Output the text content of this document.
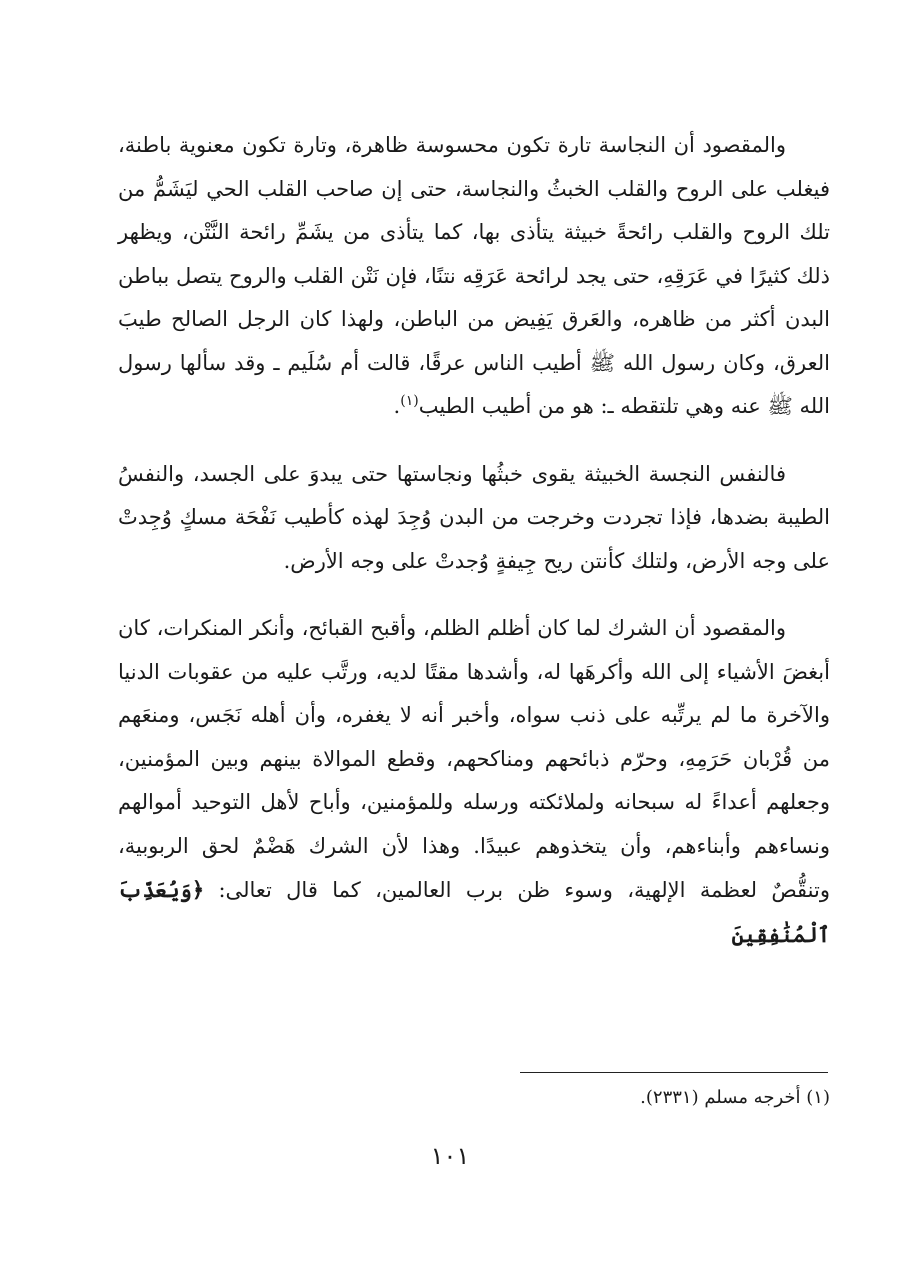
والمقصود أن النجاسة تارة تكون محسوسة ظاهرة، وتارة تكون معنوية باطنة، فيغلب على الروح والقلب الخبثُ والنجاسة، حتى إن صاحب القلب الحي ليَشَمُّ من تلك الروح والقلب رائحةً خبيثة يتأذى بها، كما يتأذى من يشَمِّ رائحة النَّتْن، ويظهر ذلك كثيرًا في عَرَقِهِ، حتى يجد لرائحة عَرَقِه نتنًا، فإن نَتْن القلب والروح يتصل بباطن البدن أكثر من ظاهره، والعَرق يَفِيض من الباطن، ولهذا كان الرجل الصالح طيبَ العرق، وكان رسول الله ﷺ أطيب الناس عرقًا، قالت أم سُلَيم ـ وقد سألها رسول الله ﷺ عنه وهي تلتقطه ـ: هو من أطيب الطيب$^{(١)}$.

فالنفس النجسة الخبيثة يقوى خبثُها ونجاستها حتى يبدوَ على الجسد، والنفسُ الطيبة بضدها، فإذا تجردت وخرجت من البدن وُجِدَ لهذه كأطيب نَفْحَة مسكٍ وُجِدتْ على وجه الأرض، ولتلك كأنتن ريح جِيفةٍ وُجدتْ على وجه الأرض.

والمقصود أن الشرك لما كان أظلم الظلم، وأقبح القبائح، وأنكر المنكرات، كان أبغضَ الأشياء إلى الله وأكرهَها له، وأشدها مقتًا لديه، ورتَّب عليه من عقوبات الدنيا والآخرة ما لم يرتِّبه على ذنب سواه، وأخبر أنه لا يغفره، وأن أهله نَجَس، ومنعَهم من قُرْبان حَرَمِهِ، وحرّم ذبائحهم ومناكحهم، وقطع الموالاة بينهم وبين المؤمنين، وجعلهم أعداءً له سبحانه ولملائكته ورسله وللمؤمنين، وأباح لأهل التوحيد أموالهم ونساءهم وأبناءهم، وأن يتخذوهم عبيدًا. وهذا لأن الشرك هَضْمٌ لحق الربوبية، وتنقُّصٌ لعظمة الإلهية، وسوء ظن برب العالمين، كما قال تعالى: ﴿وَيُعَذِّبَ ٱلْمُنَٰفِقِينَ

(١) أخرجه مسلم (٢٣٣١).
١٠١
